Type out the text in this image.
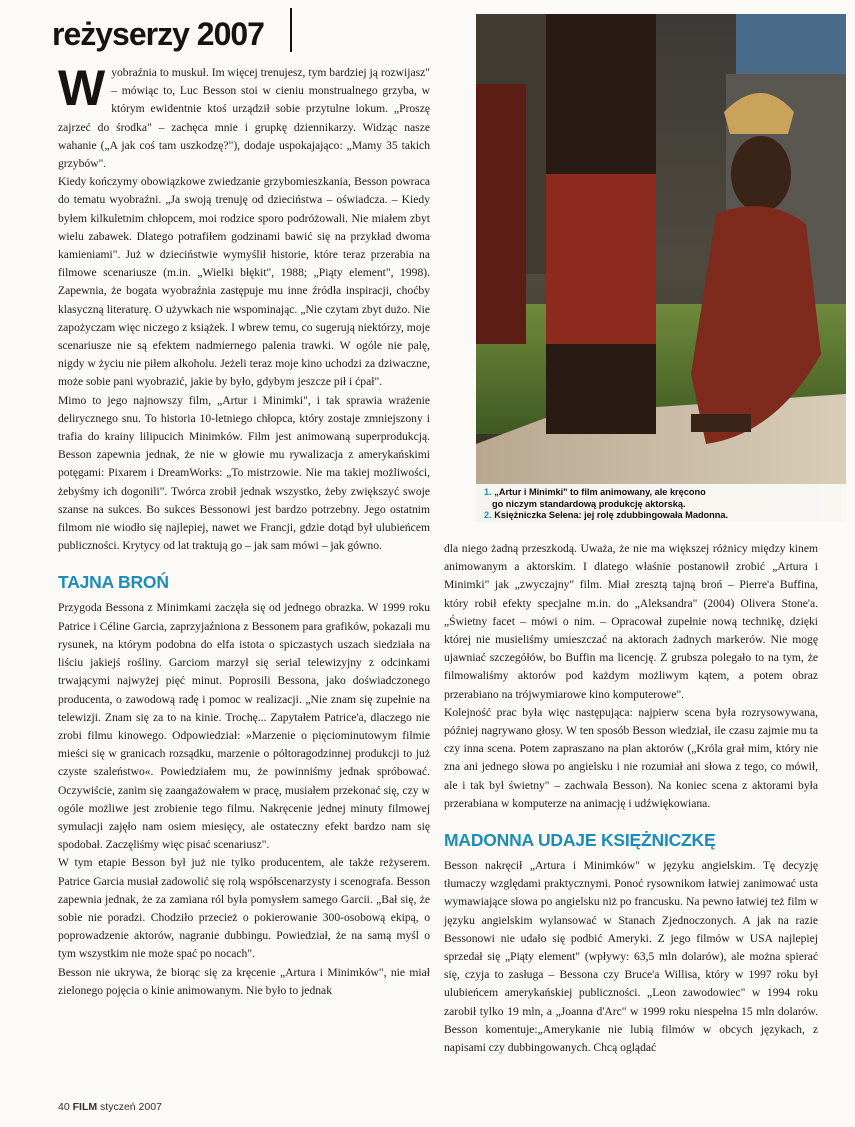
reżyserzy 2007

Wyobraźnia to muskuł. Im więcej trenujesz, tym bardziej ją rozwijasz" – mówiąc to, Luc Besson stoi w cieniu monstrualnego grzyba, w którym ewidentnie ktoś urządził sobie przytulne lokum. „Proszę zajrzeć do środka" – zachęca mnie i grupkę dziennikarzy. Widząc nasze wahanie („A jak coś tam uszkodzę?"), dodaje uspokajająco: „Mamy 35 takich grzybów".

Kiedy kończymy obowiązkowe zwiedzanie grzybomieszkania, Besson powraca do tematu wyobraźni. „Ja swoją trenuję od dzieciństwa – oświadcza. – Kiedy byłem kilkuletnim chłopcem, moi rodzice sporo podróżowali. Nie miałem zbyt wielu zabawek. Dlatego potrafiłem godzinami bawić się na przykład dwoma kamieniami". Już w dzieciństwie wymyślił historie, które teraz przerabia na filmowe scenariusze (m.in. „Wielki błękit", 1988; „Piąty element", 1998). Zapewnia, że bogata wyobraźnia zastępuje mu inne źródła inspiracji, choćby klasyczną literaturę. O używkach nie wspominając. „Nie czytam zbyt dużo. Nie zapożyczam więc niczego z książek. I wbrew temu, co sugerują niektórzy, moje scenariusze nie są efektem nadmiernego palenia trawki. W ogóle nie palę, nigdy w życiu nie piłem alkoholu. Jeżeli teraz moje kino uchodzi za dziwaczne, może sobie pani wyobrazić, jakie by było, gdybym jeszcze pił i ćpał".

Mimo to jego najnowszy film, „Artur i Minimki", i tak sprawia wrażenie delirycznego snu. To historia 10-letniego chłopca, który zostaje zmniejszony i trafia do krainy lilipucich Minimków. Film jest animowaną superprodukcją. Besson zapewnia jednak, że nie w głowie mu rywalizacja z amerykańskimi potęgami: Pixarem i DreamWorks: „To mistrzowie. Nie ma takiej możliwości, żebyśmy ich dogonili". Twórca zrobił jednak wszystko, żeby zwiększyć swoje szanse na sukces. Bo sukces Bessonowi jest bardzo potrzebny. Jego ostatnim filmom nie wiodło się najlepiej, nawet we Francji, gdzie dotąd był ulubieńcem publiczności. Krytycy od lat traktują go – jak sam mówi – jak gówno.

TAJNA BROŃ

Przygoda Bessona z Minimkami zaczęła się od jednego obrazka. W 1999 roku Patrice i Céline Garcia, zaprzyjaźniona z Bessonem para grafików, pokazali mu rysunek, na którym podobna do elfa istota o spiczastych uszach siedziała na liściu jakiejś rośliny. Garciom marzył się serial telewizyjny z odcinkami trwającymi najwyżej pięć minut. Poprosili Bessona, jako doświadczonego producenta, o zawodową radę i pomoc w realizacji. „Nie znam się zupełnie na telewizji. Znam się za to na kinie. Trochę... Zapytałem Patrice'a, dlaczego nie zrobi filmu kinowego. Odpowiedział: »Marzenie o pięciominutowym filmie mieści się w granicach rozsądku, marzenie o półtoragodzinnej produkcji to już czyste szaleństwo«. Powiedziałem mu, że powinniśmy jednak spróbować. Oczywiście, zanim się zaangażowałem w pracę, musiałem przekonać się, czy w ogóle możliwe jest zrobienie tego filmu. Nakręcenie jednej minuty filmowej symulacji zajęło nam osiem miesięcy, ale ostateczny efekt bardzo nam się spodobał. Zaczęliśmy więc pisać scenariusz".

W tym etapie Besson był już nie tylko producentem, ale także reżyserem. Patrice Garcia musiał zadowolić się rolą współscenarzysty i scenografa. Besson zapewnia jednak, że za zamiana ról była pomysłem samego Garcii. „Bał się, że sobie nie poradzi. Chodziło przecież o pokierowanie 300-osobową ekipą, o poprowadzenie aktorów, nagranie dubbingu. Powiedział, że na samą myśl o tym wszystkim nie może spać po nocach".

Besson nie ukrywa, że biorąc się za kręcenie „Artura i Minimków", nie miał zielonego pojęcia o kinie animowanym. Nie było to jednak

1. „Artur i Minimki" to film animowany, ale kręcono
go niczym standardową produkcję aktorską.
2. Księżniczka Selena: jej rolę zdubbingowała Madonna.

dla niego żadną przeszkodą. Uważa, że nie ma większej różnicy między kinem animowanym a aktorskim. I dlatego właśnie postanowił zrobić „Artura i Minimki" jak „zwyczajny" film. Miał zresztą tajną broń – Pierre'a Buffina, który robił efekty specjalne m.in. do „Aleksandra" (2004) Olivera Stone'a. „Świetny facet – mówi o nim. – Opracował zupełnie nową technikę, dzięki której nie musieliśmy umieszczać na aktorach żadnych markerów. Nie mogę ujawniać szczegółów, bo Buffin ma licencję. Z grubsza polegało to na tym, że filmowaliśmy aktorów pod każdym możliwym kątem, a potem obraz przerabiano na trójwymiarowe kino komputerowe".

Kolejność prac była więc następująca: najpierw scena była rozrysowywana, później nagrywano głosy. W ten sposób Besson wiedział, ile czasu zajmie mu ta czy inna scena. Potem zapraszano na plan aktorów („Króla grał mim, który nie zna ani jednego słowa po angielsku i nie rozumiał ani słowa z tego, co mówił, ale i tak był świetny" – zachwala Besson). Na koniec scena z aktorami była przerabiana w komputerze na animację i udźwiękowiana.

MADONNA UDAJE KSIĘŻNICZKĘ

Besson nakręcił „Artura i Minimków" w języku angielskim. Tę decyzję tłumaczy względami praktycznymi. Ponoć rysownikom łatwiej zanimować usta wymawiające słowa po angielsku niż po francusku. Na pewno łatwiej też film w języku angielskim wylansować w Stanach Zjednoczonych. A jak na razie Bessonowi nie udało się podbić Ameryki. Z jego filmów w USA najlepiej sprzedał się „Piąty element" (wpływy: 63,5 mln dolarów), ale można spierać się, czyja to zasługa – Bessona czy Bruce'a Willisa, który w 1997 roku był ulubieńcem amerykańskiej publiczności. „Leon zawodowiec" w 1994 roku zarobił tylko 19 mln, a „Joanna d'Arc" w 1999 roku niespełna 15 mln dolarów. Besson komentuje:„Amerykanie nie lubią filmów w obcych językach, z napisami czy dubbingowanych. Chcą oglądać

40 FILM styczeń 2007
